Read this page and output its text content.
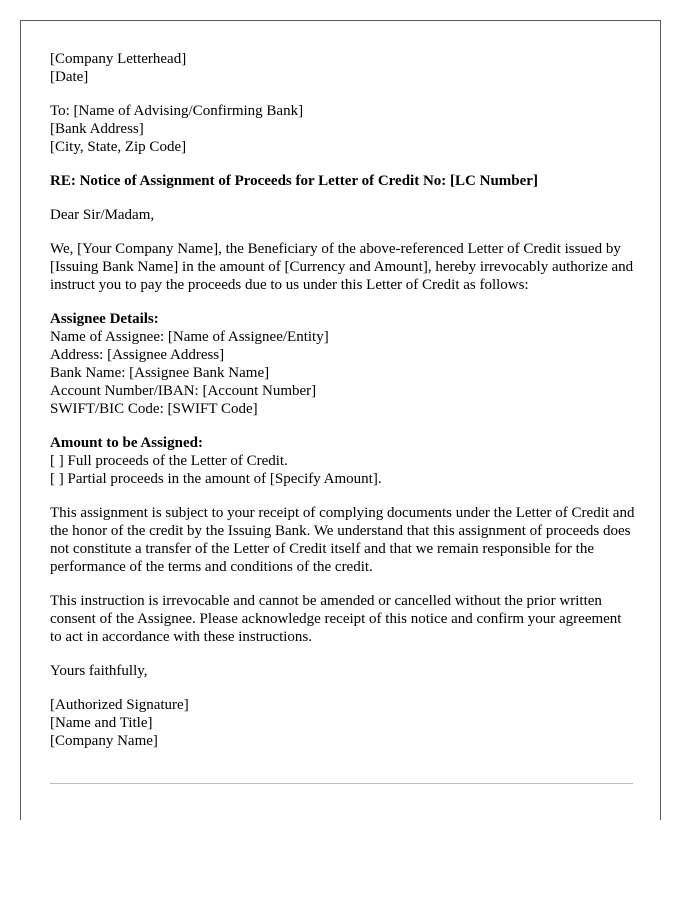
[Company Letterhead]
[Date]
To: [Name of Advising/Confirming Bank]
[Bank Address]
[City, State, Zip Code]
RE: Notice of Assignment of Proceeds for Letter of Credit No: [LC Number]
Dear Sir/Madam,
We, [Your Company Name], the Beneficiary of the above-referenced Letter of Credit issued by [Issuing Bank Name] in the amount of [Currency and Amount], hereby irrevocably authorize and instruct you to pay the proceeds due to us under this Letter of Credit as follows:
Assignee Details:
Name of Assignee: [Name of Assignee/Entity]
Address: [Assignee Address]
Bank Name: [Assignee Bank Name]
Account Number/IBAN: [Account Number]
SWIFT/BIC Code: [SWIFT Code]
Amount to be Assigned:
[ ] Full proceeds of the Letter of Credit.
[ ] Partial proceeds in the amount of [Specify Amount].
This assignment is subject to your receipt of complying documents under the Letter of Credit and the honor of the credit by the Issuing Bank. We understand that this assignment of proceeds does not constitute a transfer of the Letter of Credit itself and that we remain responsible for the performance of the terms and conditions of the credit.
This instruction is irrevocable and cannot be amended or cancelled without the prior written consent of the Assignee. Please acknowledge receipt of this notice and confirm your agreement to act in accordance with these instructions.
Yours faithfully,
[Authorized Signature]
[Name and Title]
[Company Name]
